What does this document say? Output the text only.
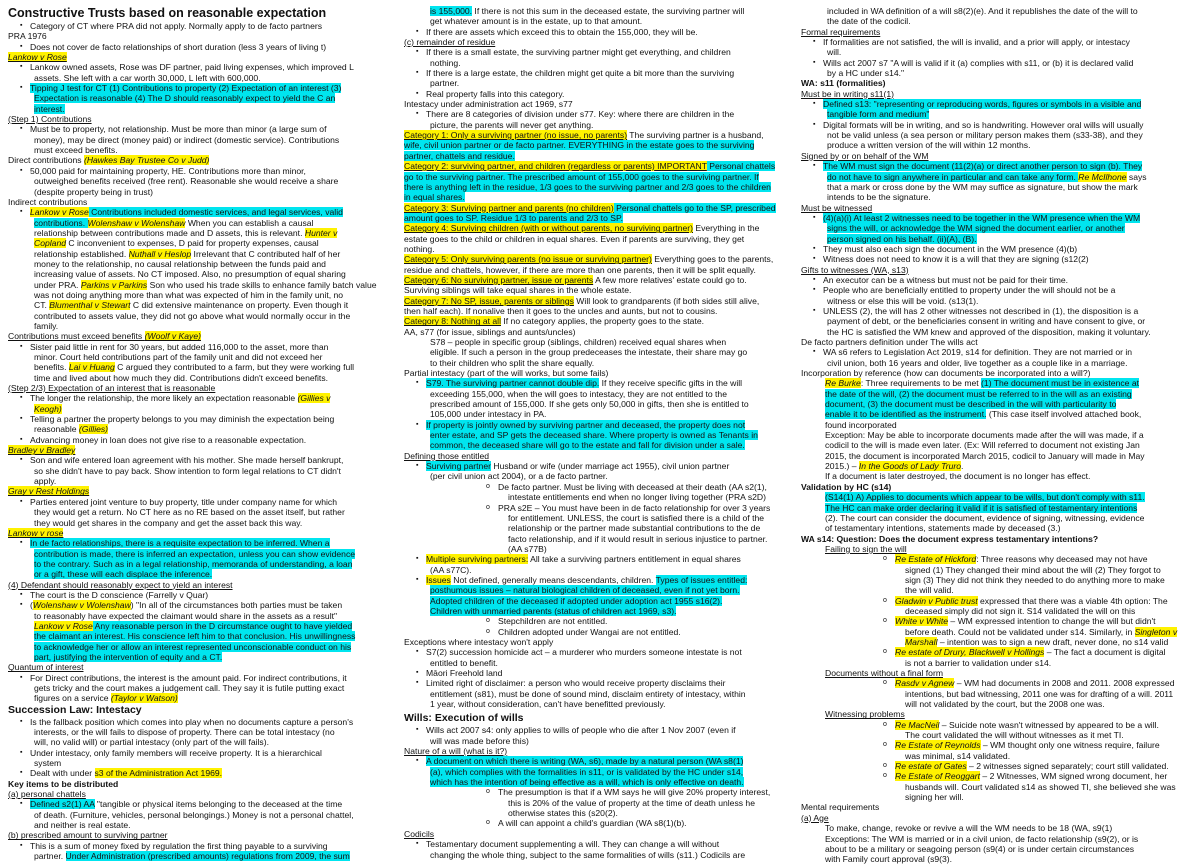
Constructive Trusts based on reasonable expectation
▪ Category of CT where PRA did not apply. Normally apply to de facto partners
PRA 1976
▪ Does not cover de facto relationships of short duration (less 3 years of living t)
Lankow v Rose
▪ Lankow owned assets, Rose was DF partner, paid living expenses, which improved L
assets. She left with a car worth 30,000, L left with 600,000.
▪ Tipping J test for CT (1) Contributions to property (2) Expectation of an interest (3)
Expectation is reasonable (4) The D should reasonably expect to yield the C an
interest.
(Step 1) Contributions
▪ Must be to property, not relationship. Must be more than minor (a large sum of
money), may be direct (money paid) or indirect (domestic service). Contributions
must exceed benefits.
Direct contributions (Hawkes Bay Trustee Co v Judd)
▪ 50,000 paid for maintaining property, HE. Contributions more than minor,
outweighed benefits received (free rent). Reasonable she would receive a share
(despite property being in trust)
Indirect contributions
▪ Lankow v Rose Contributions included domestic services, and legal services, valid
contributions. Wolenshaw v Wolenshaw When you can establish a causal
relationship between contributions made and D assets, this is relevant. Hunter v
Copland C inconvenient to expenses, D paid for property expenses, causal
relationship established. Nuthall v Heslop Irrelevant that C contributed half of her
money to the relationship, no causal relationship between the funds paid and
increasing value of assets. No CT imposed. Also, no presumption of equal sharing
under PRA. Parkins v Parkins Son who used his trade skills to enhance family batch value
was not doing anything more than what was expected of him in the family unit, no
CT. Blumenthal v Stewart C did extensive maintenance on property. Even though it
contributed to assets value, they did not go above what would normally occur in the
family.
Contributions must exceed benefits (Woolf v Kaye)
▪ Sister paid little in rent for 30 years, but added 116,000 to the asset, more than
minor. Court held contributions part of the family unit and did not exceed her
benefits. Lai v Huang C argued they contributed to a farm, but they were working full
time and lived about how much they did. Contributions didn't exceed benefits.
(Step 2/3) Expectation of an interest that is reasonable
▪ The longer the relationship, the more likely an expectation reasonable (Gillies v
Keogh)
▪ Telling a partner the property belongs to you may diminish the expectation being
reasonable (Gillies)
▪ Advancing money in loan does not give rise to a reasonable expectation.
Bradley v Bradley
▪ Son and wife entered loan agreement with his mother. She made herself bankrupt,
so she didn't have to pay back. Show intention to form legal relations to CT didn't
apply.
Gray v Rest Holdings
▪ Parties entered joint venture to buy property, title under company name for which
they would get a return. No CT here as no RE based on the asset itself, but rather
they would get shares in the company and get the asset back this way.
Lankow v rose
▪ In de facto relationships, there is a requisite expectation to be inferred. When a
contribution is made, there is inferred an expectation, unless you can show evidence
to the contrary. Such as in a legal relationship, memoranda of understanding, a loan
or a gift, these will each displace the inference.
(4) Defendant should reasonably expect to yield an interest
▪ The court is the D conscience (Farrelly v Quar)
▪ (Wolenshaw v Wolenshaw) "In all of the circumstances both parties must be taken
to reasonably have expected the claimant would share in the assets as a result"
Lankow v Rose Any reasonable person in the D circumstance ought to have yielded
the claimant an interest. His conscience left him to that conclusion. His unwillingness
to acknowledge her or allow an interest represented unconscionable conduct on his
part, justifying the intervention of equity and a CT.
Quantum of interest
▪ For Direct contributions, the interest is the amount paid. For indirect contributions, it
gets tricky and the court makes a judgement call. They say it is futile putting exact
figures on a service (Taylor v Watson)
Succession Law: Intestacy
▪ Is the fallback position which comes into play when no documents capture a person's
interests, or the will fails to dispose of property. There can be total intestacy (no
will, no valid will) or partial intestacy (only part of the will fails).
▪ Under intestacy, only family members will receive property. It is a hierarchical
system
▪ Dealt with under s3 of the Administration Act 1969.
Key items to be distributed
(a) personal chattels
▪ Defined s2(1) AA "tangible or physical items belonging to the deceased at the time
of death. (Furniture, vehicles, personal belongings.) Money is not a personal chattel,
and neither is real estate.
(b) prescribed amount to surviving partner
▪ This is a sum of money fixed by regulation the first thing payable to a surviving
partner. Under Administration (prescribed amounts) regulations from 2009, the sum
is 155,000. If there is not this sum in the deceased estate, the surviving partner will
get whatever amount is in the estate, up to that amount.
▪ If there are assets which exceed this to obtain the 155,000, they will be.
(c) remainder of residue
▪ If there is a small estate, the surviving partner might get everything, and children
nothing.
▪ If there is a large estate, the children might get quite a bit more than the surviving
partner.
▪ Real property falls into this category.
Intestacy under administration act 1969, s77
▪ There are 8 categories of division under s77. Key: where there are children in the
picture, the parents will never get anything.
Category 1: Only a surviving partner (no issue, no parents) The surviving partner is a husband,
wife, civil union partner or de facto partner. EVERYTHING in the estate goes to the surviving
partner, chattels and residue.
Category 2: surviving partner, and children (regardless or parents) IMPORTANT Personal chattels
go to the surviving partner. The prescribed amount of 155,000 goes to the surviving partner. If
there is anything left in the residue, 1/3 goes to the surviving partner and 2/3 goes to the children
in equal shares.
Category 3: Surviving partner and parents (no children) Personal chattels go to the SP, prescribed
amount goes to SP. Residue 1/3 to parents and 2/3 to SP.
Category 4: Surviving children (with or without parents, no surviving partner) Everything in the
estate goes to the child or children in equal shares. Even if parents are surviving, they get
nothing.
Category 5: Only surviving parents (no issue or surviving partner) Everything goes to the parents,
residue and chattels, however, if there are more than one parents, then it will be split equally.
Category 6: No surviving partner, issue or parents A few more relatives' estate could go to.
Surviving siblings will take equal shares in the whole estate.
Category 7: No SP, issue, parents or siblings Will look to grandparents (if both sides still alive,
then half each). If nonalive then it goes to the uncles and aunts, but not to cousins.
Category 8: Nothing at all If no category applies, the property goes to the state.
AA, s77 (for issue, siblings and aunts/uncles)
S78 – people in specific group (siblings, children) received equal shares when
eligible. If such a person in the group predeceases the intestate, their share may go
to their children who split the share equally.
Partial intestacy (part of the will works, but some fails)
▪ S79. The surviving partner cannot double dip. If they receive specific gifts in the will
exceeding 155,000, when the will goes to intestacy, they are not entitled to the
prescribed amount of 155,000. If she gets only 50,000 in gifts, then she is entitled to
105,000 under intestacy in PA.
▪ If property is jointly owned by surviving partner and deceased, the property does not
enter estate, and SP gets the deceased share. Where property is owned as Tenants in
common, the deceased share will go to the estate and fall for division under a sale.
Defining those entitled
▪ Surviving partner Husband or wife (under marriage act 1955), civil union partner
(per civil union act 2004), or a de facto partner.
o De facto partner. Must be living with deceased at their death (AA s2(1),
intestate entitlements end when no longer living together (PRA s2D)
o PRA s2E – You must have been in de facto relationship for over 3 years
for entitlement. UNLESS, the court is satisfied there is a child of the
relationship or the partner made substantial contributions to the de
facto relationship, and if it would result in serious injustice to partner.
(AA s77B)
▪ Multiple surviving partners: All take a surviving partners entitlement in equal shares
(AA s77C).
▪ Issues Not defined, generally means descendants, children. Types of issues entitled:
posthumous issues – natural biological children of deceased, even if not yet born.
Adopted children of the deceased if adopted under adoption act 1955 s16(2).
Children with unmarried parents (status of children act 1969, s3).
o Stepchildren are not entitled.
o Children adopted under Wangai are not entitled.
Exceptions where intestacy won't apply
▪ S7(2) succession homicide act – a murderer who murders someone intestate is not
entitled to benefit.
▪ Māori Freehold land
▪ Limited right of disclaimer: a person who would receive property disclaims their
entitlement (s81), must be done of sound mind, disclaim entirety of intestacy, within
1 year, without consideration, can't have benefitted previously.
Wills: Execution of wills
▪ Wills act 2007 s4: only applies to wills of people who die after 1 Nov 2007 (even if
will was made before this)
Nature of a will (what is it?)
▪ A document on which there is writing (WA, s6), made by a natural person (WA s8(1)
(a), which complies with the formalities in s11, or is validated by the HC under s14,
which has the intention of being effective as a will, which is only effective on death.
o The presumption is that if a WM says he will give 20% property interest,
this is 20% of the value of property at the time of death unless he
otherwise states this (s20(2).
o A will can appoint a child's guardian (WA s8(1)(b).
Codicils
▪ Testamentary document supplementing a will. They can change a will without
changing the whole thing, subject to the same formalities of wills (s11.) Codicils are
included in WA definition of a will s8(2)(e). And it republishes the date of the will to
the date of the codicil.
Formal requirements
▪ If formalities are not satisfied, the will is invalid, and a prior will apply, or intestacy
will.
▪ Wills act 2007 s7 "A will is valid if it (a) complies with s11, or (b) it is declared valid
by a HC under s14."
WA: s11 (formalities)
Must be in writing s11(1)
▪ Defined s13: "representing or reproducing words, figures or symbols in a visible and
tangible form and medium"
▪ Digital formats will be in writing, and so is handwriting. However oral wills will usually
not be valid unless (a sea person or military person makes them (s33-38), and they
produce a written version of the will within 12 months.
Signed by or on behalf of the WM
▪ The WM must sign the document (11(2)(a) or direct another person to sign (b). They
do not have to sign anywhere in particular and can take any form. Re McIlhone says
that a mark or cross done by the WM may suffice as signature, but show the mark
intends to be the signature.
Must be witnessed
▪ (4)(a)(i) At least 2 witnesses need to be together in the WM presence when the WM
signs the will, or acknowledge the WM signed the document earlier, or another
person signed on his behalf. (ii)(A), (B).
▪ They must also each sign the document in the WM presence (4)(b)
▪ Witness does not need to know it is a will that they are signing (s12(2)
Gifts to witnesses (WA, s13)
▪ An executor can be a witness but must not be paid for their time.
▪ People who are beneficially entitled to property under the will should not be a
witness or else this will be void. (s13(1).
▪ UNLESS (2), the will has 2 other witnesses not described in (1), the disposition is a
payment of debt, or the beneficiaries consent in writing and have consent to give, or
the HC is satisfied the WM knew and approved of the disposition, making it voluntary.
De facto partners definition under The wills act
▪ WA s6 refers to Legislation Act 2019, s14 for definition. They are not married or in
civil union, both 16 years and older, live together as a couple like in a marriage.
Incorporation by reference (how can documents be incorporated into a will?)
Re Burke: Three requirements to be met (1) The document must be in existence at
the date of the will, (2) the document must be referred to in the will as an existing
document, (3) the document must be described in the will with particularity to
enable it to be identified as the instrument. (This case itself involved attached book,
found incorporated
Exception: May be able to incorporate documents made after the will was made, if a
codicil to the will is made even later. (Ex: Will referred to document not existing Jan
2015, the document is incorporated March 2015, codicil to January will made in May
2015.) – In the Goods of Lady Truro.
If a document is later destroyed, the document is no longer has effect.
Validation by HC (s14)
(S14(1) A) Applies to documents which appear to be wills, but don't comply with s11.
The HC can make order declaring it valid if it is satisfied of testamentary intentions
(2). The court can consider the document, evidence of signing, witnessing, evidence
of testamentary intentions, statements made by deceased (3.)
WA s14: Question: Does the document express testamentary intentions?
Failing to sign the will
o Re Estate of Hickford: Three reasons why deceased may not have
signed (1) They changed their mind about the will (2) They forgot to
sign (3) They did not think they needed to do anything more to make
the will valid.
o Gladwin v Public trust expressed that there was a viable 4th option: The
deceased simply did not sign it. S14 validated the will on this
o White v White – WM expressed intention to change the will but didn't
before death. Could not be validated under s14. Similarly, in Singleton v
Marshall – intention was to sign a new draft, never done, no s14 valid
o Re estate of Drury, Blackwell v Hollings – The fact a document is digital
is not a barrier to validation under s14.
Documents without a final form
o Rasdv v Agnew – WM had documents in 2008 and 2011. 2008 expressed
intentions, but bad witnessing, 2011 one was for drafting of a will. 2011
will not validated by the court, but the 2008 one was.
Witnessing problems
o Re MacNeil – Suicide note wasn't witnessed by appeared to be a will.
The court validated the will without witnesses as it met TI.
o Re Estate of Reynolds – WM thought only one witness require, failure
was minimal, s14 validated.
o Re estate of Gates – 2 witnesses signed separately; court still validated.
o Re Estate of Reoggart – 2 Witnesses, WM signed wrong document, her
husbands will. Court validated s14 as showed TI, she believed she was
signing her will.
Mental requirements
(a) Age
To make, change, revoke or revive a will the WM needs to be 18 (WA, s9(1)
Exceptions: The WM is married or in a civil union, de facto relationship (s9(2), or is
about to be a military or seagoing person (s9(4) or is under certain circumstances
with Family court approval (s9(3).
